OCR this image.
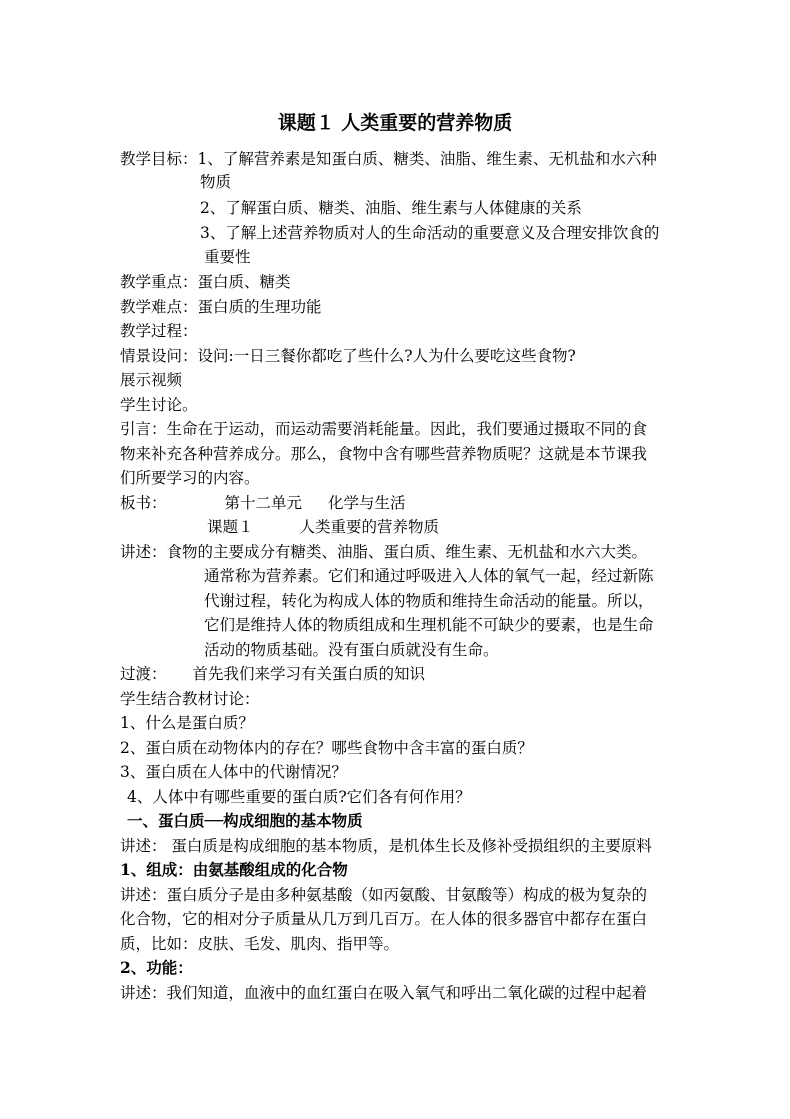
课题１ 人类重要的营养物质
教学目标：1、了解营养素是知蛋白质、糖类、油脂、维生素、无机盐和水六种
物质
2、了解蛋白质、糖类、油脂、维生素与人体健康的关系
3、了解上述营养物质对人的生命活动的重要意义及合理安排饮食的
重要性
教学重点：蛋白质、糖类
教学难点：蛋白质的生理功能
教学过程：
情景设问：设问:一日三餐你都吃了些什么?人为什么要吃这些食物?
展示视频
学生讨论。
引言：生命在于运动，而运动需要消耗能量。因此，我们要通过摄取不同的食
物来补充各种营养成分。那么，食物中含有哪些营养物质呢？这就是本节课我
们所要学习的内容。
板书：	第十二单元 化学与生活
课题１	人类重要的营养物质
讲述：食物的主要成分有糖类、油脂、蛋白质、维生素、无机盐和水六大类。
通常称为营养素。它们和通过呼吸进入人体的氧气一起，经过新陈
代谢过程，转化为构成人体的物质和维持生命活动的能量。所以，
它们是维持人体的物质组成和生理机能不可缺少的要素，也是生命
活动的物质基础。没有蛋白质就没有生命。
过渡： 首先我们来学习有关蛋白质的知识
学生结合教材讨论：
1、什么是蛋白质？
2、蛋白质在动物体内的存在？哪些食物中含丰富的蛋白质？
3、蛋白质在人体中的代谢情况？
4、人体中有哪些重要的蛋白质?它们各有何作用？
一、蛋白质──构成细胞的基本物质
讲述： 蛋白质是构成细胞的基本物质，是机体生长及修补受损组织的主要原料
1、组成：由氨基酸组成的化合物
讲述：蛋白质分子是由多种氨基酸（如丙氨酸、甘氨酸等）构成的极为复杂的
化合物，它的相对分子质量从几万到几百万。在人体的很多器官中都存在蛋白
质，比如：皮肤、毛发、肌肉、指甲等。
2、功能：
讲述：我们知道，血液中的血红蛋白在吸入氧气和呼出二氧化碳的过程中起着
